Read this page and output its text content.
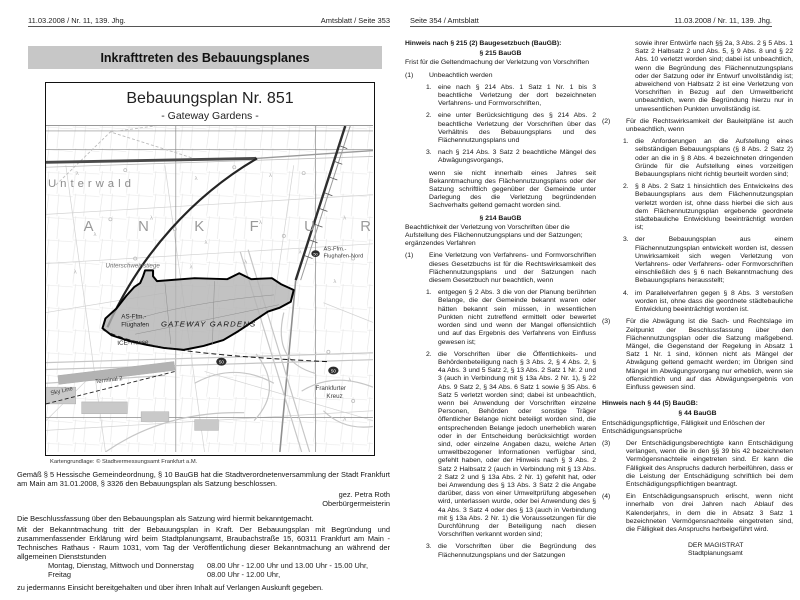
11.03.2008 / Nr. 11, 139. Jhg.	Amtsblatt / Seite 353	Seite 354 / Amtsblatt	11.03.2008 / Nr. 11, 139. Jhg.
Inkrafttreten des Bebauungsplanes
Bebauungsplan Nr. 851
- Gateway Gardens -
λ
λ	λ
λ
λ
λ
λ
λ
λ
λ
λ
λ
λ
λ
λ
50
50
50
Unterwald
A N K F U R
Unterschweinstiege
AS-Ffm.-
Flughafen-Nord
AS-Ffm.-
Flughafen GATEWAY GARDENS
ICE-Trasse
Sky Line
Terminal 2
Frankfurter
Kreuz
Kartengrundlage: © Stadtvermessungsamt Frankfurt a.M.
Gemäß § 5 Hessische Gemeindeordnung, § 10 BauGB hat die Stadtverordnetenversammlung der Stadt Frankfurt am Main am 31.01.2008, § 3326 den Bebauungsplan als Satzung beschlossen.
gez. Petra Roth
Oberbürgermeisterin
Die Beschlussfassung über den Bebauungsplan als Satzung wird hiermit bekanntgemacht.
Mit der Bekanntmachung tritt der Bebauungsplan in Kraft. Der Bebauungsplan mit Begründung und zusammenfassender Erklärung wird beim Stadtplanungsamt, Braubachstraße 15, 60311 Frankfurt am Main - Technisches Rathaus - Raum 1031, vom Tag der Veröffentlichung dieser Bekanntmachung an während der allgemeinen Dienststunden
Montag, Dienstag, Mittwoch und Donnerstag	08.00 Uhr - 12.00 Uhr und 13.00 Uhr - 15.00 Uhr,
Freitag	08.00 Uhr - 12.00 Uhr,
zu jedermanns Einsicht bereitgehalten und über ihren Inhalt auf Verlangen Auskunft gegeben.
Hinweis nach § 215 (2) Baugesetzbuch (BauGB):
§ 215 BauGB
Frist für die Geltendmachung der Verletzung von Vorschriften
(1) Unbeachtlich werden
1. eine nach § 214 Abs. 1 Satz 1 Nr. 1 bis 3 beachtliche Verletzung der dort bezeichneten Verfahrens- und Formvorschriften,
2. eine unter Berücksichtigung des § 214 Abs. 2 beachtliche Verletzung der Vorschriften über das Verhältnis des Bebauungsplans und des Flächennutzungsplans und
3. nach § 214 Abs. 3 Satz 2 beachtliche Mängel des Abwägungsvorgangs,
wenn sie nicht innerhalb eines Jahres seit Bekanntmachung des Flächennutzungsplans oder der Satzung schriftlich gegenüber der Gemeinde unter Darlegung des die Verletzung begründenden Sachverhalts geltend gemacht worden sind.
§ 214 BauGB
Beachtlichkeit der Verletzung von Vorschriften über die Aufstellung des Flächennutzungsplans und der Satzungen; ergänzendes Verfahren
(1) Eine Verletzung von Verfahrens- und Formvorschriften dieses Gesetzbuchs ist für die Rechtswirksamkeit des Flächennutzungsplans und der Satzungen nach diesem Gesetzbuch nur beachtlich, wenn
1. entgegen § 2 Abs. 3 die von der Planung berührten Belange, die der Gemeinde bekannt waren oder hätten bekannt sein müssen, in wesentlichen Punkten nicht zutreffend ermittelt oder bewertet worden sind und wenn der Mangel offensichtlich und auf das Ergebnis des Verfahrens von Einfluss gewesen ist;
2. die Vorschriften über die Öffentlichkeits- und Behördenbeteiligung nach § 3 Abs. 2, § 4 Abs. 2, § 4a Abs. 3 und 5 Satz 2, § 13 Abs. 2 Satz 1 Nr. 2 und 3 (auch in Verbindung mit § 13a Abs. 2 Nr. 1), § 22 Abs. 9 Satz 2, § 34 Abs. 6 Satz 1 sowie § 35 Abs. 6 Satz 5 verletzt worden sind; dabei ist unbeachtlich, wenn bei Anwendung der Vorschriften einzelne Personen, Behörden oder sonstige Träger öffentlicher Belange nicht beteiligt worden sind, die entsprechenden Belange jedoch unerheblich waren oder in der Entscheidung berücksichtigt worden sind, oder einzelne Angaben dazu, welche Arten umweltbezogener Informationen verfügbar sind, gefehlt haben, oder der Hinweis nach § 3 Abs. 2 Satz 2 Halbsatz 2 (auch in Verbindung mit § 13 Abs. 2 Satz 2 und § 13a Abs. 2 Nr. 1) gefehlt hat, oder bei Anwendung des § 13 Abs. 3 Satz 2 die Angabe darüber, dass von einer Umweltprüfung abgesehen wird, unterlassen wurde, oder bei Anwendung des § 4a Abs. 3 Satz 4 oder des § 13 (auch in Verbindung mit § 13a Abs. 2 Nr. 1) die Voraussetzungen für die Durchführung der Beteiligung nach diesen Vorschriften verkannt worden sind;
3. die Vorschriften über die Begründung des Flächennutzungsplans und der Satzungen
sowie ihrer Entwürfe nach §§ 2a, 3 Abs. 2 § 5 Abs. 1 Satz 2 Halbsatz 2 und Abs. 5, § 9 Abs. 8 und § 22 Abs. 10 verletzt worden sind; dabei ist unbeachtlich, wenn die Begründung des Flächennutzungsplans oder der Satzung oder ihr Entwurf unvollständig ist; abweichend von Halbsatz 2 ist eine Verletzung von Vorschriften in Bezug auf den Umweltbericht unbeachtlich, wenn die Begründung hierzu nur in unwesentlichen Punkten unvollständig ist.
(2) Für die Rechtswirksamkeit der Bauleitpläne ist auch unbeachtlich, wenn
1. die Anforderungen an die Aufstellung eines selbständigen Bebauungsplans (§ 8 Abs. 2 Satz 2) oder an die in § 8 Abs. 4 bezeichneten dringenden Gründe für die Aufstellung eines vorzeitigen Bebauungsplans nicht richtig beurteilt worden sind;
2. § 8 Abs. 2 Satz 1 hinsichtlich des Entwickelns des Bebauungsplans aus dem Flächennutzungsplan verletzt worden ist, ohne dass hierbei die sich aus dem Flächennutzungsplan ergebende geordnete städtebauliche Entwicklung beeinträchtigt worden ist;
3. der Bebauungsplan aus einem Flächennutzungsplan entwickelt worden ist, dessen Unwirksamkeit sich wegen Verletzung von Verfahrens- oder Verfahrens- oder Formvorschriften einschließlich des § 6 nach Bekanntmachung des Bebauungsplans herausstellt;
4. im Parallelverfahren gegen § 8 Abs. 3 verstoßen worden ist, ohne dass die geordnete städtebauliche Entwicklung beeinträchtigt worden ist.
(3) Für die Abwägung ist die Sach- und Rechtslage im Zeitpunkt der Beschlussfassung über den Flächennutzungsplan oder die Satzung maßgebend. Mängel, die Gegenstand der Regelung in Absatz 1 Satz 1 Nr. 1 sind, können nicht als Mängel der Abwägung geltend gemacht werden; im Übrigen sind Mängel im Abwägungsvorgang nur erheblich, wenn sie offensichtlich und auf das Abwägungsergebnis von Einfluss gewesen sind.
Hinweis nach § 44 (5) BauGB:
§ 44 BauGB
Entschädigungspflichtige, Fälligkeit und Erlöschen der Entschädigungsansprüche
(3) Der Entschädigungsberechtigte kann Entschädigung verlangen, wenn die in den §§ 39 bis 42 bezeichneten Vermögensnachteile eingetreten sind. Er kann die Fälligkeit des Anspruchs dadurch herbeiführen, dass er die Leistung der Entschädigung schriftlich bei dem Entschädigungspflichtigen beantragt.
(4) Ein Entschädigungsanspruch erlischt, wenn nicht innerhalb von drei Jahren nach Ablauf des Kalenderjahrs, in dem die in Absatz 3 Satz 1 bezeichneten Vermögensnachteile eingetreten sind, die Fälligkeit des Anspruchs herbeigeführt wird.
DER MAGISTRAT
Stadtplanungsamt
